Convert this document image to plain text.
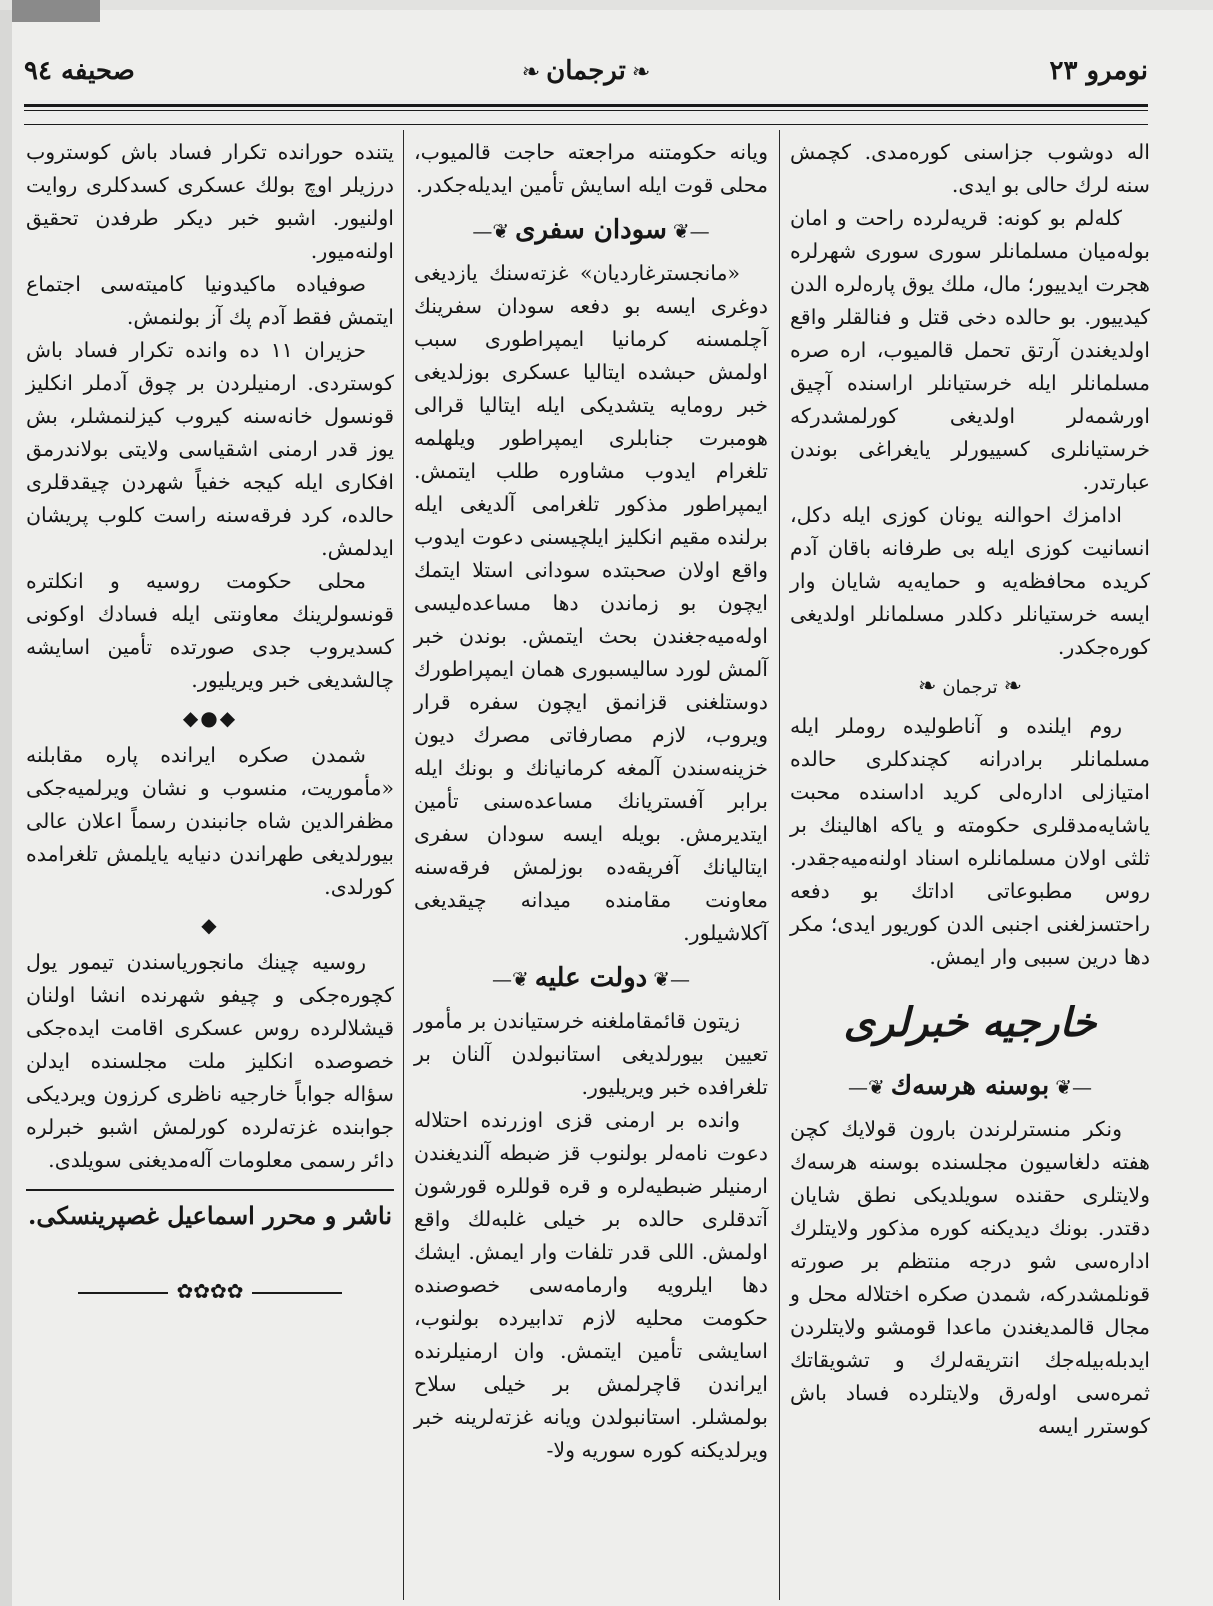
نومرو ٢٣
❧ترجمان❧
صحيفه ٩٤

اله دوشوب جزاسنى كورەمدى. كچمش سنه لرك حالى بو ايدى.

كلەلم بو كونه: قريەلردە راحت و امان بولەميان مسلمانلر سورى سورى شهرلرە هجرت ايدييور؛ مال، ملك يوق پارەلرە الدن كيدييور. بو حالدە دخى قتل و فنالقلر واقع اولديغندن آرتق تحمل قالميوب، ارە صرە مسلمانلر ايله خرستيانلر اراسندە آچيق اورشمەلر اولديغى كورلمشدركە خرستيانلرى كسييورلر يايغراغى بوندن عبارتدر.

ادامزك احوالنه يونان كوزى ايله دكل، انسانيت كوزى ايله بى طرفانه باقان آدم كريدە محافظەيه و حمايەيه شايان وار ايسه خرستيانلر دكلدر مسلمانلر اولديغى كورەجكدر.

❧ترجمان❧

روم ايلندە و آناطوليدە روملر ايله مسلمانلر برادرانه كچندكلرى حالدە امتيازلى ادارەلى كريد اداسندە محبت ياشايەمدقلرى حكومته و ياكه اهالينك بر ثلثى اولان مسلمانلرە اسناد اولنەميەجقدر. روس مطبوعاتى اداتك بو دفعه راحتسزلغنى اجنبى الدن كوريور ايدى؛ مكر دها درين سببى وار ايمش.

خارجيە خبرلرى
—❦بوسنه هرسەك❦—

ونكر منسترلرندن بارون قولايك كچن هفته دلغاسيون مجلسندە بوسنه هرسەك ولايتلرى حقندە سويلديكى نطق شايان دقتدر. بونك ديديكنه كورە مذكور ولايتلرك ادارەسى شو درجه منتظم بر صورتە قونلمشدركه، شمدن صكرە اختلاله محل و مجال قالمديغندن ماعدا قومشو ولايتلردن ايدبلەبيلەجك انتريقەلرك و تشويقاتك ثمرەسى اولەرق ولايتلردە فساد باش كوسترر ايسه

ويانه حكومتنه مراجعته حاجت قالميوب، محلى قوت ايله اسايش تأمين ايديلەجكدر.

—❦سودان سفرى❦—

«مانجسترغارديان» غزتەسنك يازديغى دوغرى ايسه بو دفعه سودان سفرينك آچلمسنه كرمانيا ايمپراطورى سبب اولمش حبشدە ايتاليا عسكرى بوزلديغى خبر رومايه يتشديكى ايله ايتاليا قرالى هومبرت جنابلرى ايمپراطور ويلهلمه تلغرام ايدوب مشاورە طلب ايتمش. ايمپراطور مذكور تلغرامى آلديغى ايله برلندە مقيم انكليز ايلچيسنى دعوت ايدوب واقع اولان صحبتدە سودانى استلا ايتمك ايچون بو زماندن دها مساعدەليسى اولەميەجغندن بحث ايتمش. بوندن خبر آلمش لورد ساليسبورى همان ايمپراطورك دوستلغنى قزانمق ايچون سفره قرار ويروب، لازم مصارفاتى مصرك ديون خزينەسندن آلمغه كرمانيانك و بونك ايله برابر آفستريانك مساعدەسنى تأمين ايتديرمش. بويله ايسه سودان سفرى ايتاليانك آفريقەدە بوزلمش فرقەسنه معاونت مقامندە ميدانه چيقديغى آكلاشيلور.

—❦دولت عليه❦—

زيتون قائمقاملغنه خرستياندن بر مأمور تعيين بيورلديغى استانبولدن آلنان بر تلغرافدە خبر ويريليور.

واندە بر ارمنى قزى اوزرندە احتلاله دعوت نامەلر بولنوب قز ضبطه آلنديغندن ارمنيلر ضبطيەلرە و قرە قوللرە قورشون آتدقلرى حالدە بر خيلى غلبەلك واقع اولمش. اللى قدر تلفات وار ايمش. ايشك دها ايلرويه وارمامەسى خصوصندە حكومت محليه لازم تدابيردە بولنوب، اسايشى تأمين ايتمش. وان ارمنيلرندە ايراندن قاچرلمش بر خيلى سلاح بولمشلر. استانبولدن ويانه غزتەلرينه خبر ويرلديكنه كورە سوريه ولا-

يتندە حوراندە تكرار فساد باش كوستروب درزيلر اوچ بولك عسكرى كسدكلرى روايت اولنيور. اشبو خبر ديكر طرفدن تحقيق اولنەميور.

صوفيادە ماكيدونيا كاميتەسى اجتماع ايتمش فقط آدم پك آز بولنمش.

حزيران ١١ دە واندە تكرار فساد باش كوستردى. ارمنيلردن بر چوق آدملر انكليز قونسول خانەسنه كيروب كيزلنمشلر، بش يوز قدر ارمنى اشقياسى ولايتى بولاندرمق افكارى ايله كيجه خفياً شهردن چيقدقلرى حالدە، كرد فرقەسنه راست كلوب پريشان ايدلمش.

محلى حكومت روسيه و انكلترە قونسولرينك معاونتى ايله فسادك اوكونى كسديروب جدى صورتدە تأمين اسايشه چالشديغى خبر ويريليور.

◆●◆

شمدن صكرە ايراندە پارە مقابلنه «مأموريت، منسوب و نشان ويرلميەجكى مظفرالدين شاه جانبندن رسماً اعلان عالى بيورلديغى طهراندن دنيايه يايلمش تلغرامدە كورلدى.

◆

روسيه چينك مانجورياسندن تيمور يول كچورەجكى و چيفو شهرندە انشا اولنان قيشلالردە روس عسكرى اقامت ايدەجكى خصوصدە انكليز ملت مجلسندە ايدلن سؤاله جواباً خارجيه ناظرى كرزون ويرديكى جوابندە غزتەلردە كورلمش اشبو خبرلرە دائر رسمى معلومات آلەمديغنى سويلدى.

ناشر و محرر اسماعيل غصپرينسكى.
✿✿✿✿
